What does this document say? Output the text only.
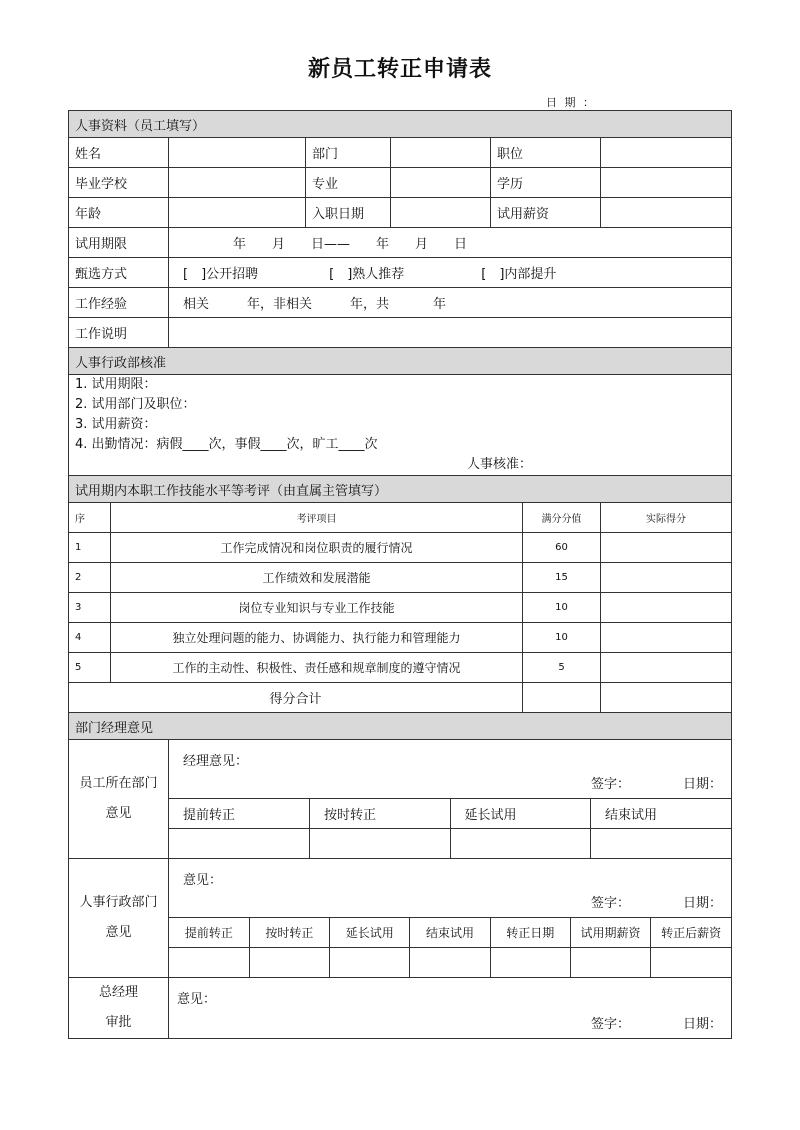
新员工转正申请表
日 期 ：
人事资料（员工填写）
姓名		部门		职位	
毕业学校		专业		学历	
年龄		入职日期		试用薪资	
试用期限	年　　月　　日——　　年　　月　　日
甄选方式	[　]公开招聘	[　]熟人推荐	[　]内部提升
工作经验	相关	年，非相关	年，共	年
工作说明	
人事行政部核准

1. 试用期限：
2. 试用部门及职位：
3. 试用薪资：
4. 出勤情况：病假____次，事假____次，旷工____次
人事核准：

试用期内本职工作技能水平等考评（由直属主管填写）
序	考评项目	满分分值	实际得分
1	工作完成情况和岗位职责的履行情况	60	
2	工作绩效和发展潜能	15	
3	岗位专业知识与专业工作技能	10	
4	独立处理问题的能力、协调能力、执行能力和管理能力	10	
5	工作的主动性、积极性、责任感和规章制度的遵守情况	5	
得分合计		
部门经理意见

员工所在部门
意见

经理意见：
签字：	日期：
提前转正	按时转正	延长试用	结束试用

人事行政部门
意见

意见：
签字：	日期：
提前转正	按时转正	延长试用	结束试用	转正日期	试用期薪资	转正后薪资

总经理
审批

意见：
签字：	日期：
